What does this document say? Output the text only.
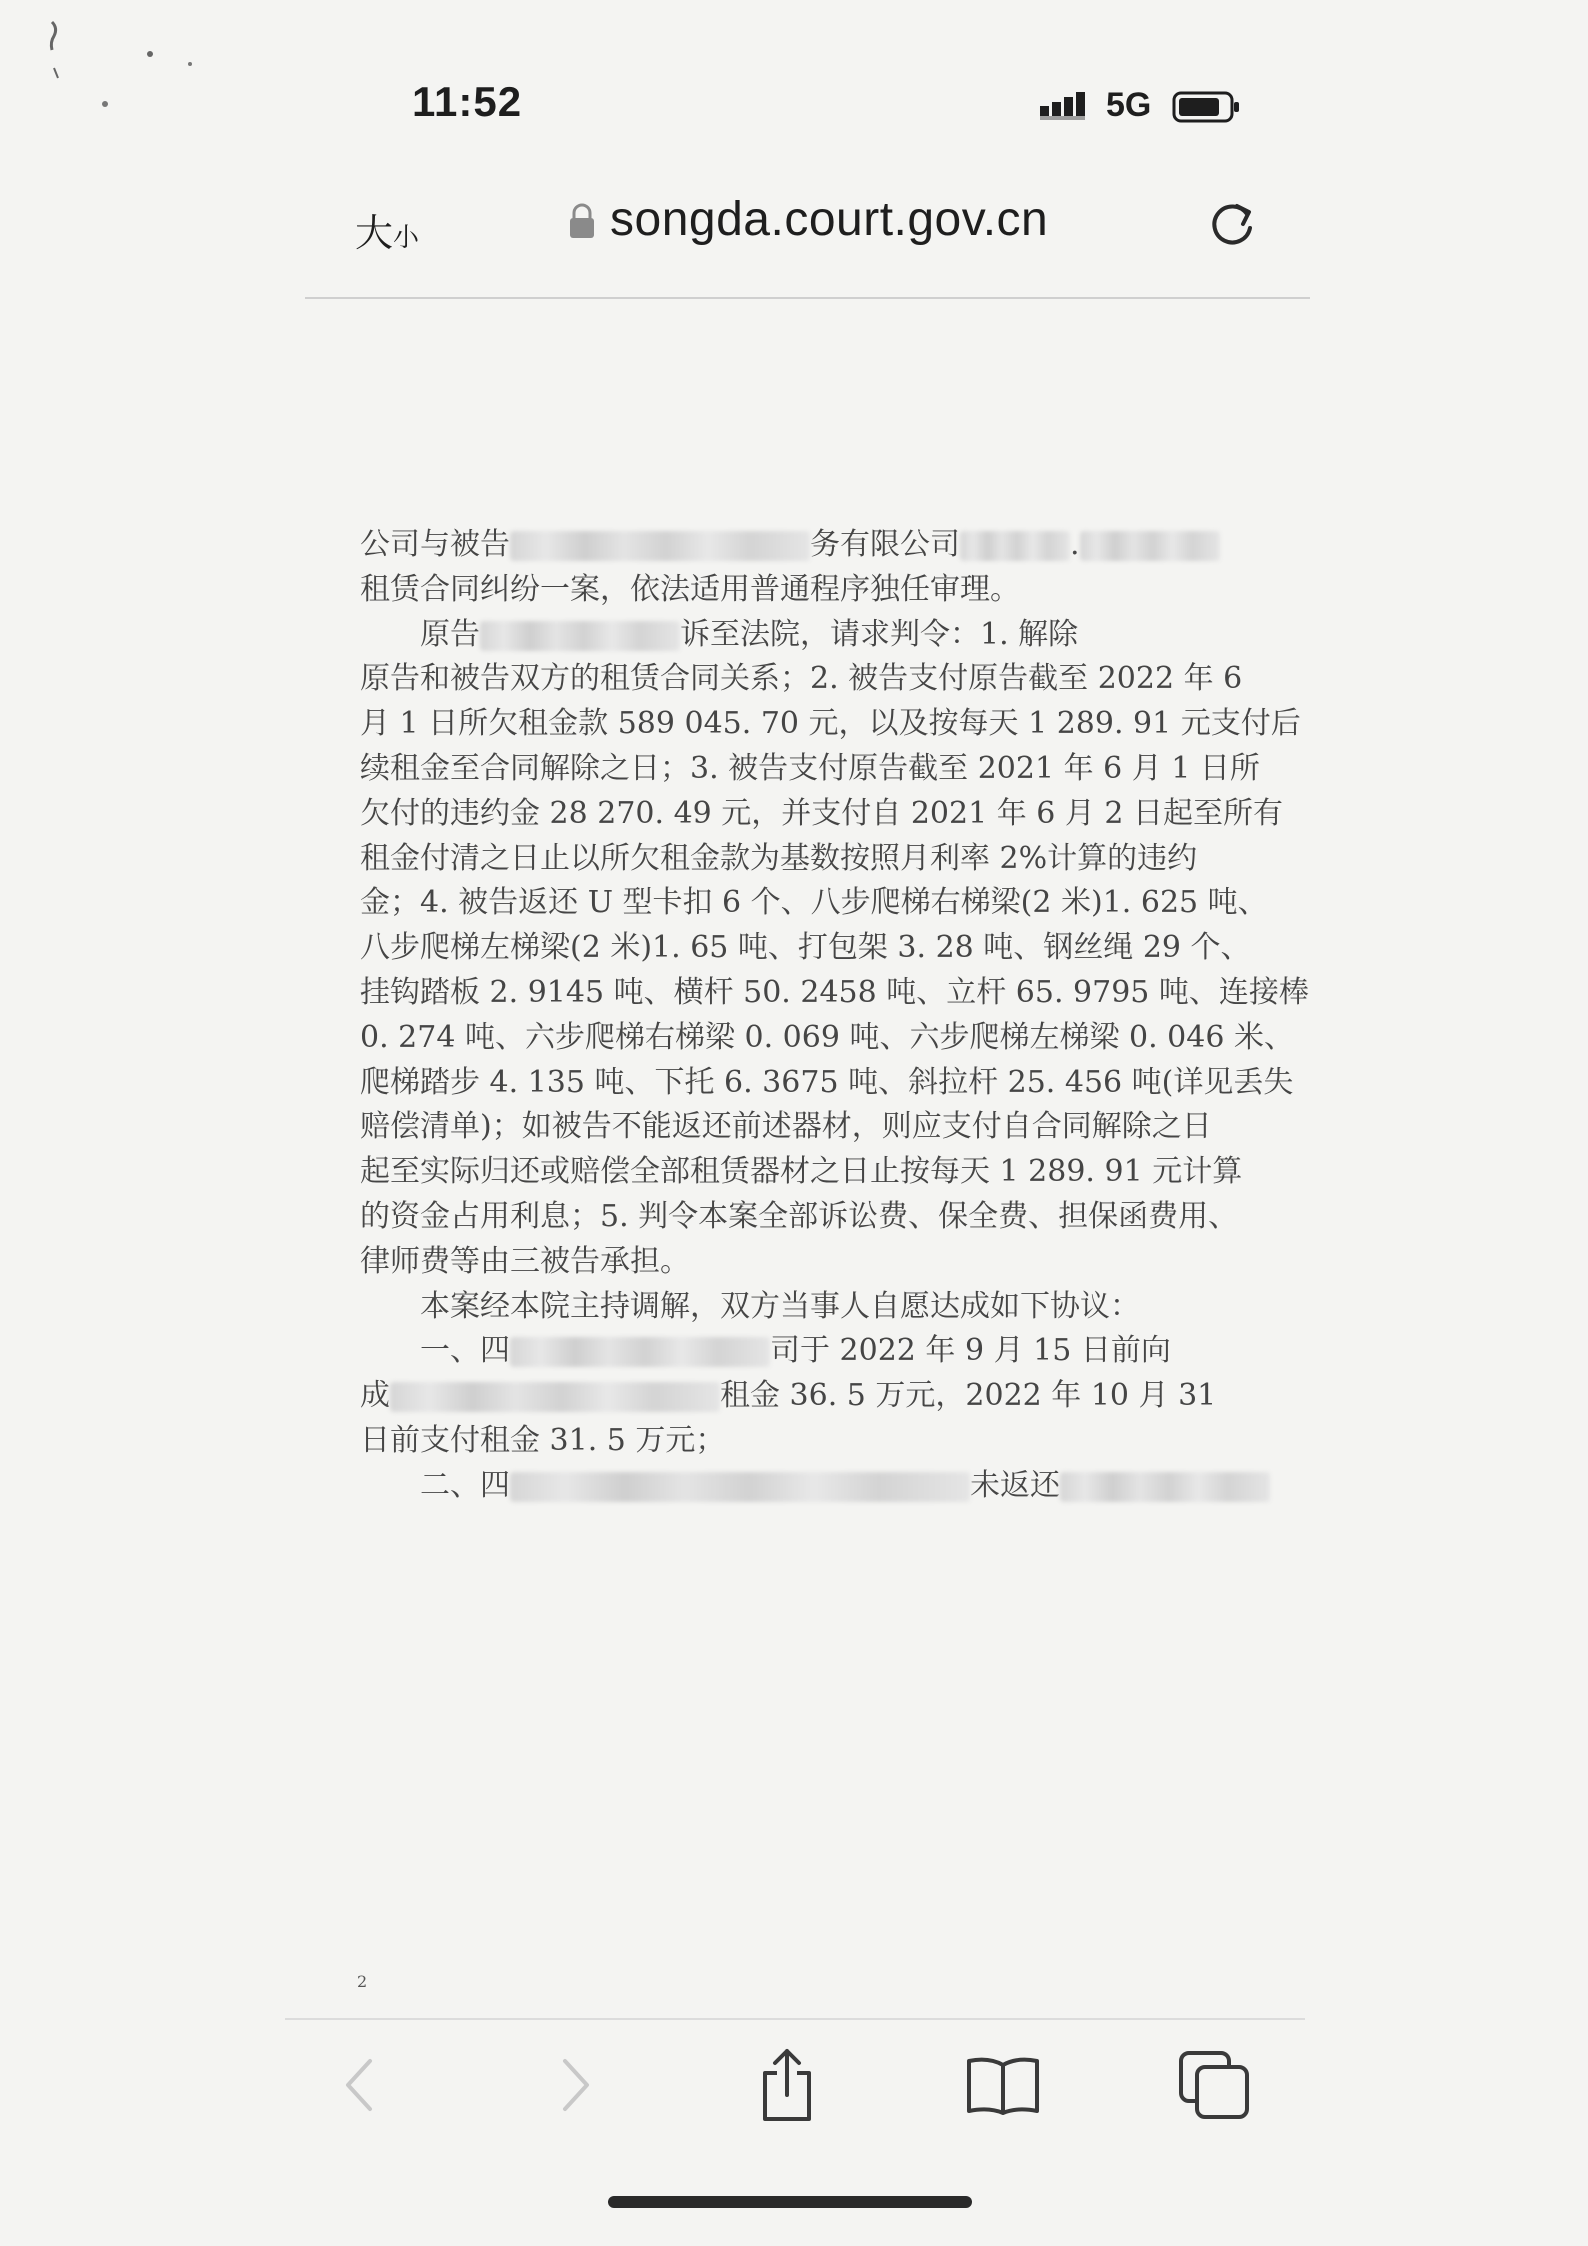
11:52	5G
大小	songda.court.gov.cn
公司与被告	务有限公司	.
租赁合同纠纷一案，依法适用普通程序独任审理。
　　原告	诉至法院，请求判令：1. 解除
原告和被告双方的租赁合同关系；2. 被告支付原告截至 2022 年 6
月 1 日所欠租金款 589 045. 70 元，以及按每天 1 289. 91 元支付后
续租金至合同解除之日；3. 被告支付原告截至 2021 年 6 月 1 日所
欠付的违约金 28 270. 49 元，并支付自 2021 年 6 月 2 日起至所有
租金付清之日止以所欠租金款为基数按照月利率 2%计算的违约
金；4. 被告返还 U 型卡扣 6 个、八步爬梯右梯梁(2 米)1. 625 吨、
八步爬梯左梯梁(2 米)1. 65 吨、打包架 3. 28 吨、钢丝绳 29 个、
挂钩踏板 2. 9145 吨、横杆 50. 2458 吨、立杆 65. 9795 吨、连接棒
0. 274 吨、六步爬梯右梯梁 0. 069 吨、六步爬梯左梯梁 0. 046 米、
爬梯踏步 4. 135 吨、下托 6. 3675 吨、斜拉杆 25. 456 吨(详见丢失
赔偿清单)；如被告不能返还前述器材，则应支付自合同解除之日
起至实际归还或赔偿全部租赁器材之日止按每天 1 289. 91 元计算
的资金占用利息；5. 判令本案全部诉讼费、保全费、担保函费用、
律师费等由三被告承担。
　　本案经本院主持调解，双方当事人自愿达成如下协议：
　　一、四	司于 2022 年 9 月 15 日前向
成	租金 36. 5 万元，2022 年 10 月 31
日前支付租金 31. 5 万元；
　　二、四	未返还
2
